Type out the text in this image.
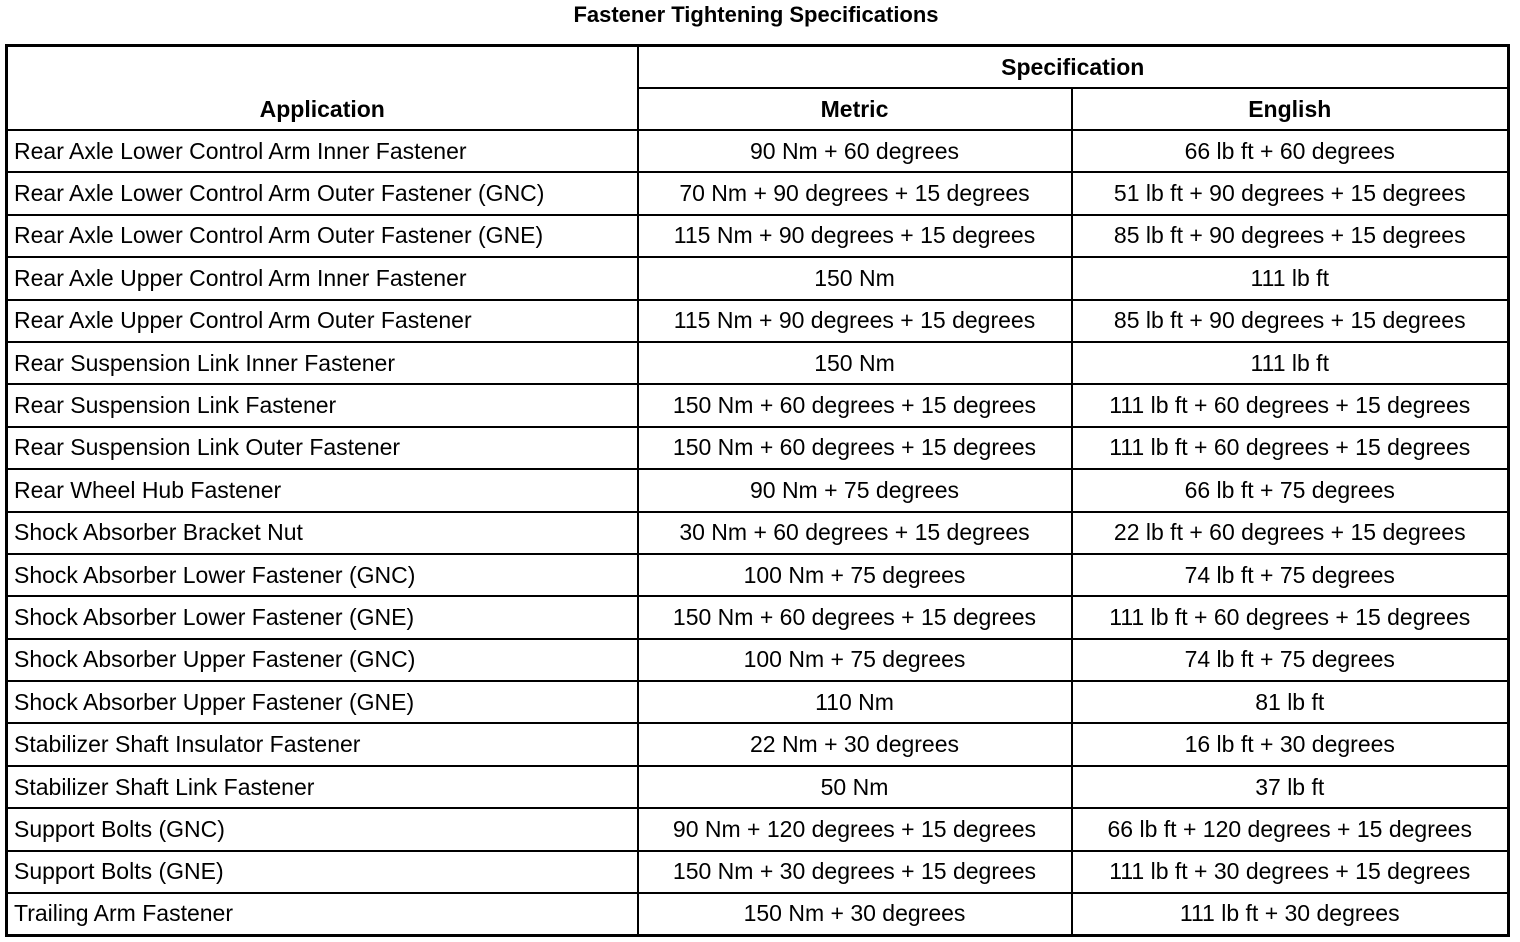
Fastener Tightening Specifications
Application	Specification	
	Metric	English
Rear Axle Lower Control Arm Inner Fastener	90 Nm + 60 degrees	66 lb ft + 60 degrees
Rear Axle Lower Control Arm Outer Fastener (GNC)	70 Nm + 90 degrees + 15 degrees	51 lb ft + 90 degrees + 15 degrees
Rear Axle Lower Control Arm Outer Fastener (GNE)	115 Nm + 90 degrees + 15 degrees	85 lb ft + 90 degrees + 15 degrees
Rear Axle Upper Control Arm Inner Fastener	150 Nm	111 lb ft
Rear Axle Upper Control Arm Outer Fastener	115 Nm + 90 degrees + 15 degrees	85 lb ft + 90 degrees + 15 degrees
Rear Suspension Link Inner Fastener	150 Nm	111 lb ft
Rear Suspension Link Fastener	150 Nm + 60 degrees + 15 degrees	111 lb ft + 60 degrees + 15 degrees
Rear Suspension Link Outer Fastener	150 Nm + 60 degrees + 15 degrees	111 lb ft + 60 degrees + 15 degrees
Rear Wheel Hub Fastener	90 Nm + 75 degrees	66 lb ft + 75 degrees
Shock Absorber Bracket Nut	30 Nm + 60 degrees + 15 degrees	22 lb ft + 60 degrees + 15 degrees
Shock Absorber Lower Fastener (GNC)	100 Nm + 75 degrees	74 lb ft + 75 degrees
Shock Absorber Lower Fastener (GNE)	150 Nm + 60 degrees + 15 degrees	111 lb ft + 60 degrees + 15 degrees
Shock Absorber Upper Fastener (GNC)	100 Nm + 75 degrees	74 lb ft + 75 degrees
Shock Absorber Upper Fastener (GNE)	110 Nm	81 lb ft
Stabilizer Shaft Insulator Fastener	22 Nm + 30 degrees	16 lb ft + 30 degrees
Stabilizer Shaft Link Fastener	50 Nm	37 lb ft
Support Bolts (GNC)	90 Nm + 120 degrees + 15 degrees	66 lb ft + 120 degrees + 15 degrees
Support Bolts (GNE)	150 Nm + 30 degrees + 15 degrees	111 lb ft + 30 degrees + 15 degrees
Trailing Arm Fastener	150 Nm + 30 degrees	111 lb ft + 30 degrees
